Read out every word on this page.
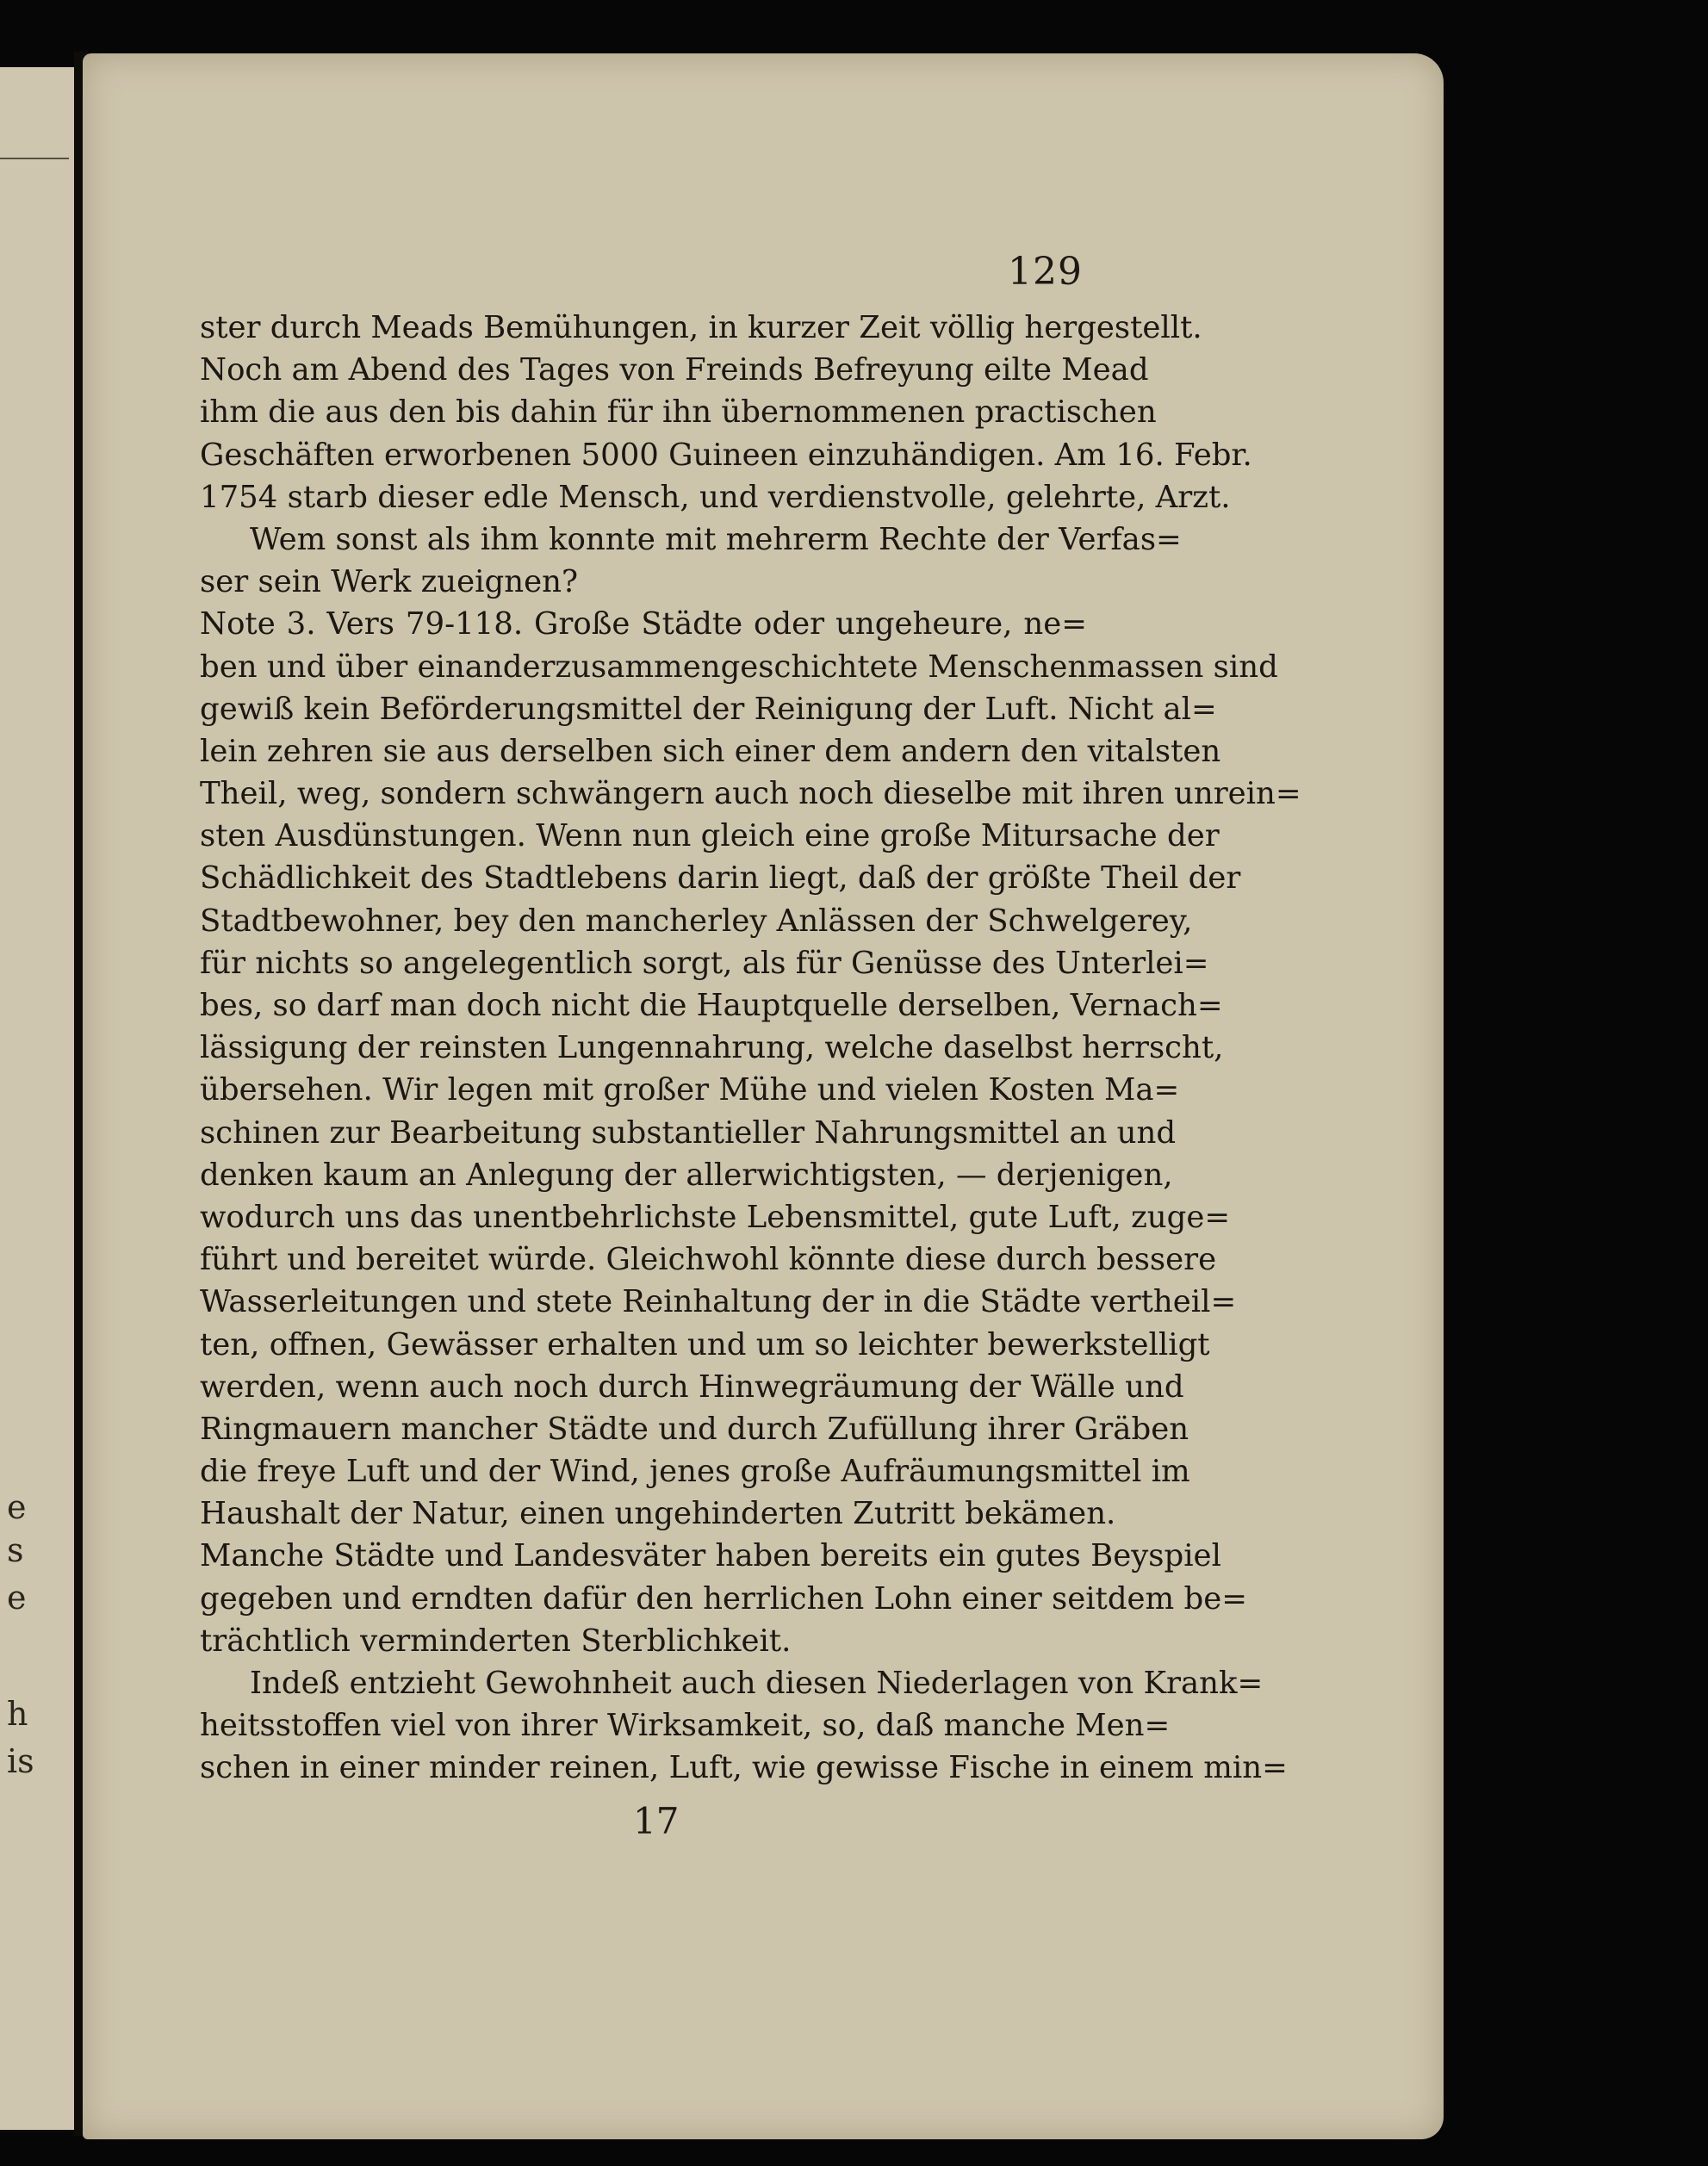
e
s
e
h
is
129
ster durch Meads Bemühungen, in kurzer Zeit völlig hergestellt.
Noch am Abend des Tages von Freinds Befreyung eilte Mead
ihm die aus den bis dahin für ihn übernommenen practischen
Geschäften erworbenen 5000 Guineen einzuhändigen. Am 16. Febr.
1754 starb dieser edle Mensch, und verdienstvolle, gelehrte, Arzt.
Wem sonst als ihm konnte mit mehrerm Rechte der Verfas=
ser sein Werk zueignen?
Note 3. Vers 79-118. Große Städte oder ungeheure, ne=
ben und über einanderzusammengeschichtete Menschenmassen sind
gewiß kein Beförderungsmittel der Reinigung der Luft. Nicht al=
lein zehren sie aus derselben sich einer dem andern den vitalsten
Theil, weg, sondern schwängern auch noch dieselbe mit ihren unrein=
sten Ausdünstungen. Wenn nun gleich eine große Mitursache der
Schädlichkeit des Stadtlebens darin liegt, daß der größte Theil der
Stadtbewohner, bey den mancherley Anlässen der Schwelgerey,
für nichts so angelegentlich sorgt, als für Genüsse des Unterlei=
bes, so darf man doch nicht die Hauptquelle derselben, Vernach=
lässigung der reinsten Lungennahrung, welche daselbst herrscht,
übersehen. Wir legen mit großer Mühe und vielen Kosten Ma=
schinen zur Bearbeitung substantieller Nahrungsmittel an und
denken kaum an Anlegung der allerwichtigsten, — derjenigen,
wodurch uns das unentbehrlichste Lebensmittel, gute Luft, zuge=
führt und bereitet würde. Gleichwohl könnte diese durch bessere
Wasserleitungen und stete Reinhaltung der in die Städte vertheil=
ten, offnen, Gewässer erhalten und um so leichter bewerkstelligt
werden, wenn auch noch durch Hinwegräumung der Wälle und
Ringmauern mancher Städte und durch Zufüllung ihrer Gräben
die freye Luft und der Wind, jenes große Aufräumungsmittel im
Haushalt der Natur, einen ungehinderten Zutritt bekämen.
Manche Städte und Landesväter haben bereits ein gutes Beyspiel
gegeben und erndten dafür den herrlichen Lohn einer seitdem be=
trächtlich verminderten Sterblichkeit.
Indeß entzieht Gewohnheit auch diesen Niederlagen von Krank=
heitsstoffen viel von ihrer Wirksamkeit, so, daß manche Men=
schen in einer minder reinen, Luft, wie gewisse Fische in einem min=
17
